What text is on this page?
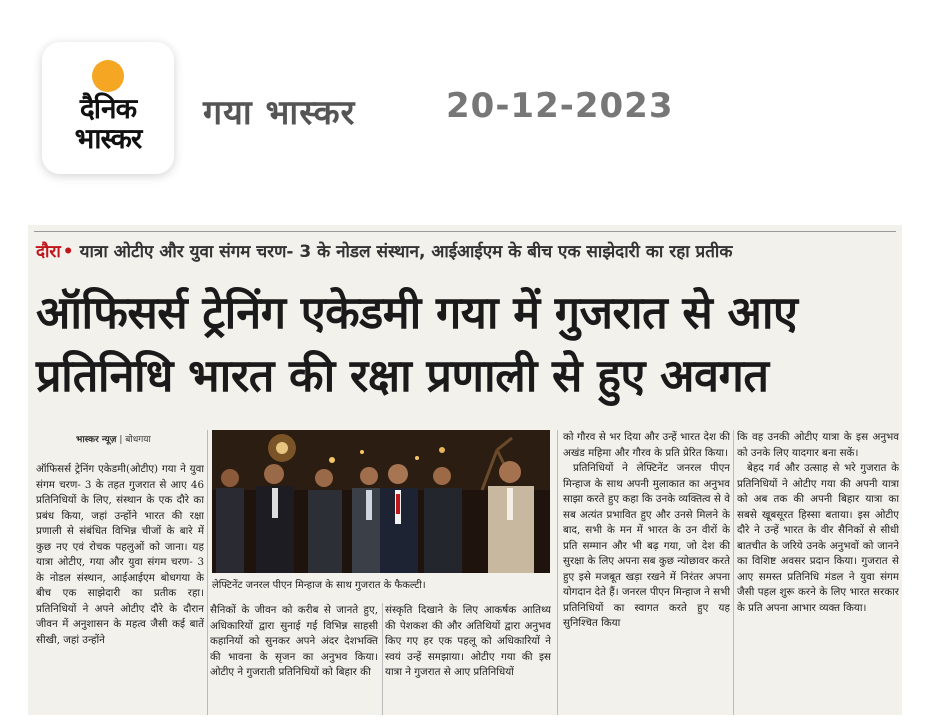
दैनिक
भास्कर
गया भास्कर	20-12-2023
दौरा • यात्रा ओटीए और युवा संगम चरण- 3 के नोडल संस्थान, आईआईएम के बीच एक साझेदारी का रहा प्रतीक
ऑफिसर्स ट्रेनिंग एकेडमी गया में गुजरात से आए
प्रतिनिधि भारत की रक्षा प्रणाली से हुए अवगत
भास्कर न्यूज़ | बोधगया

ऑफिसर्स ट्रेनिंग एकेडमी(ओटीए) गया ने युवा संगम चरण- 3 के तहत गुजरात से आए 46 प्रतिनिधियों के लिए, संस्थान के एक दौरे का प्रबंध किया, जहां उन्होंने भारत की रक्षा प्रणाली से संबंधित विभिन्न चीजों के बारे में कुछ नए एवं रोचक पहलुओं को जाना। यह यात्रा ओटीए, गया और युवा संगम चरण- 3 के नोडल संस्थान, आईआईएम बोधगया के बीच एक साझेदारी का प्रतीक रहा। प्रतिनिधियों ने अपने ओटीए दौरे के दौरान जीवन में अनुशासन के महत्व जैसी कई बातें सीखी, जहां उन्होंने

लेफ्टिनेंट जनरल पीएन मिन्हाज के साथ गुजरात के फैकल्टी।

सैनिकों के जीवन को करीब से जानते हुए, अधिकारियों द्वारा सुनाई गई विभिन्न साहसी कहानियों को सुनकर अपने अंदर देशभक्ति की भावना के सृजन का अनुभव किया। ओटीए ने गुजराती प्रतिनिधियों को बिहार की

संस्कृति दिखाने के लिए आकर्षक आतिथ्य की पेशकश की और अतिथियों द्वारा अनुभव किए गए हर एक पहलू को अधिकारियों ने स्वयं उन्हें समझाया। ओटीए गया की इस यात्रा ने गुजरात से आए प्रतिनिधियों

को गौरव से भर दिया और उन्हें भारत देश की अखंड महिमा और गौरव के प्रति प्रेरित किया।

प्रतिनिधियों ने लेफ्टिनेंट जनरल पीएन मिन्हाज के साथ अपनी मुलाकात का अनुभव साझा करते हुए कहा कि उनके व्यक्तित्व से वे सब अत्यंत प्रभावित हुए और उनसे मिलने के बाद, सभी के मन में भारत के उन वीरों के प्रति सम्मान और भी बढ़ गया, जो देश की सुरक्षा के लिए अपना सब कुछ न्योछावर करते हुए इसे मजबूत खड़ा रखने में निरंतर अपना योगदान देते हैं। जनरल पीएन मिन्हाज ने सभी प्रतिनिधियों का स्वागत करते हुए यह सुनिश्चित किया

कि वह उनकी ओटीए यात्रा के इस अनुभव को उनके लिए यादगार बना सकें।

बेहद गर्व और उत्साह से भरे गुजरात के प्रतिनिधियों ने ओटीए गया की अपनी यात्रा को अब तक की अपनी बिहार यात्रा का सबसे खूबसूरत हिस्सा बताया। इस ओटीए दौरे ने उन्हें भारत के वीर सैनिकों से सीधी बातचीत के जरिये उनके अनुभवों को जानने का विशिष्ट अवसर प्रदान किया। गुजरात से आए समस्त प्रतिनिधि मंडल ने युवा संगम जैसी पहल शुरू करने के लिए भारत सरकार के प्रति अपना आभार व्यक्त किया।
